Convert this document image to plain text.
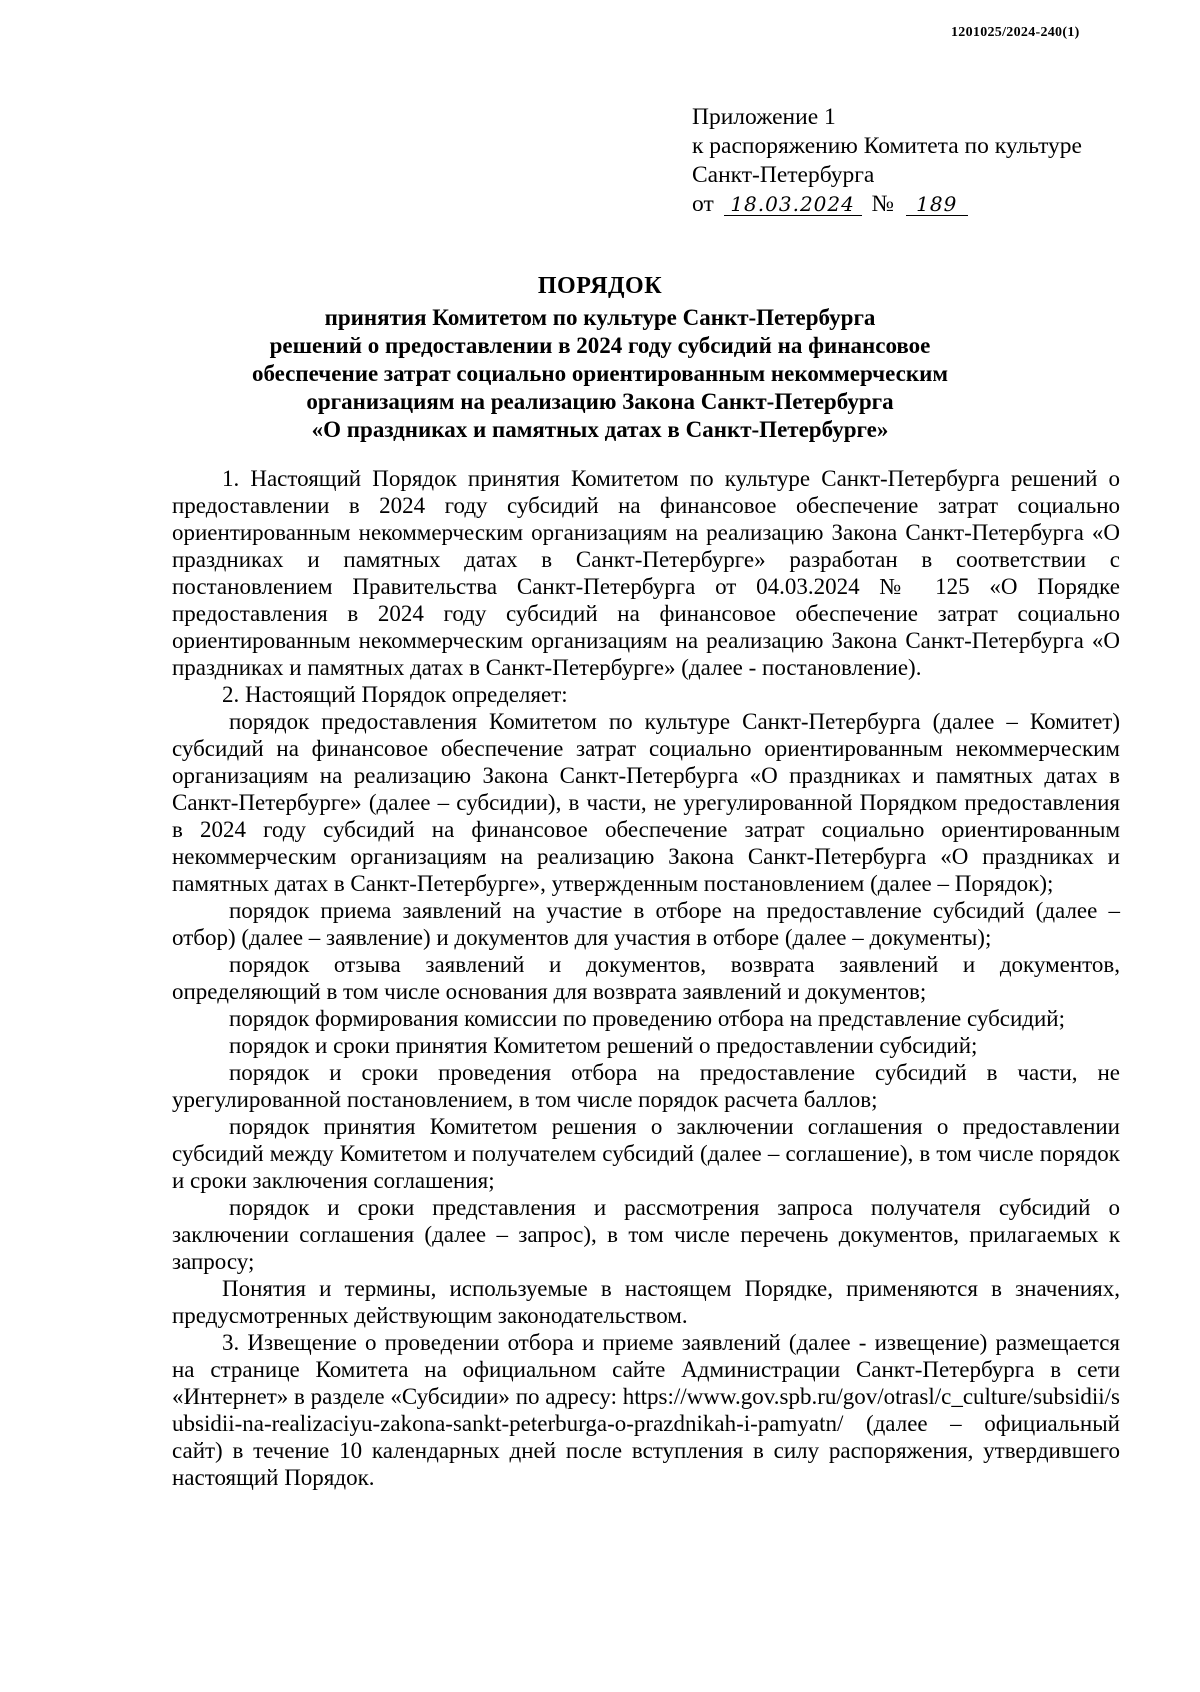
1201025/2024-240(1)
Приложение 1
к распоряжению Комитета по культуре
Санкт-Петербурга
от 18.03.2024 № 189
ПОРЯДОК
принятия Комитетом по культуре Санкт-Петербурга
решений о предоставлении в 2024 году субсидий на финансовое
обеспечение затрат социально ориентированным некоммерческим
организациям на реализацию Закона Санкт-Петербурга
«О праздниках и памятных датах в Санкт-Петербурге»

1. Настоящий Порядок принятия Комитетом по культуре Санкт-Петербурга решений о предоставлении в 2024 году субсидий на финансовое обеспечение затрат социально ориентированным некоммерческим организациям на реализацию Закона Санкт-Петербурга «О праздниках и памятных датах в Санкт-Петербурге» разработан в соответствии с постановлением Правительства Санкт-Петербурга от 04.03.2024 № 125 «О Порядке предоставления в 2024 году субсидий на финансовое обеспечение затрат социально ориентированным некоммерческим организациям на реализацию Закона Санкт-Петербурга «О праздниках и памятных датах в Санкт-Петербурге» (далее - постановление).

2. Настоящий Порядок определяет:

порядок предоставления Комитетом по культуре Санкт-Петербурга (далее – Комитет) субсидий на финансовое обеспечение затрат социально ориентированным некоммерческим организациям на реализацию Закона Санкт-Петербурга «О праздниках и памятных датах в Санкт-Петербурге» (далее – субсидии), в части, не урегулированной Порядком предоставления в 2024 году субсидий на финансовое обеспечение затрат социально ориентированным некоммерческим организациям на реализацию Закона Санкт-Петербурга «О праздниках и памятных датах в Санкт-Петербурге», утвержденным постановлением (далее – Порядок);

порядок приема заявлений на участие в отборе на предоставление субсидий (далее – отбор) (далее – заявление) и документов для участия в отборе (далее – документы);

порядок отзыва заявлений и документов, возврата заявлений и документов, определяющий в том числе основания для возврата заявлений и документов;

порядок формирования комиссии по проведению отбора на представление субсидий;

порядок и сроки принятия Комитетом решений о предоставлении субсидий;

порядок и сроки проведения отбора на предоставление субсидий в части, не урегулированной постановлением, в том числе порядок расчета баллов;

порядок принятия Комитетом решения о заключении соглашения о предоставлении субсидий между Комитетом и получателем субсидий (далее – соглашение), в том числе порядок и сроки заключения соглашения;

порядок и сроки представления и рассмотрения запроса получателя субсидий о заключении соглашения (далее – запрос), в том числе перечень документов, прилагаемых к запросу;

Понятия и термины, используемые в настоящем Порядке, применяются в значениях, предусмотренных действующим законодательством.

3. Извещение о проведении отбора и приеме заявлений (далее - извещение) размещается на странице Комитета на официальном сайте Администрации Санкт-Петербурга в сети «Интернет» в разделе «Субсидии» по адресу: https://www.gov.spb.ru/gov/otrasl/c_culture/subsidii/subsidii-na-realizaciyu-zakona-sankt-peterburga-o-prazdnikah-i-pamyatn/ (далее – официальный сайт) в течение 10 календарных дней после вступления в силу распоряжения, утвердившего настоящий Порядок.
